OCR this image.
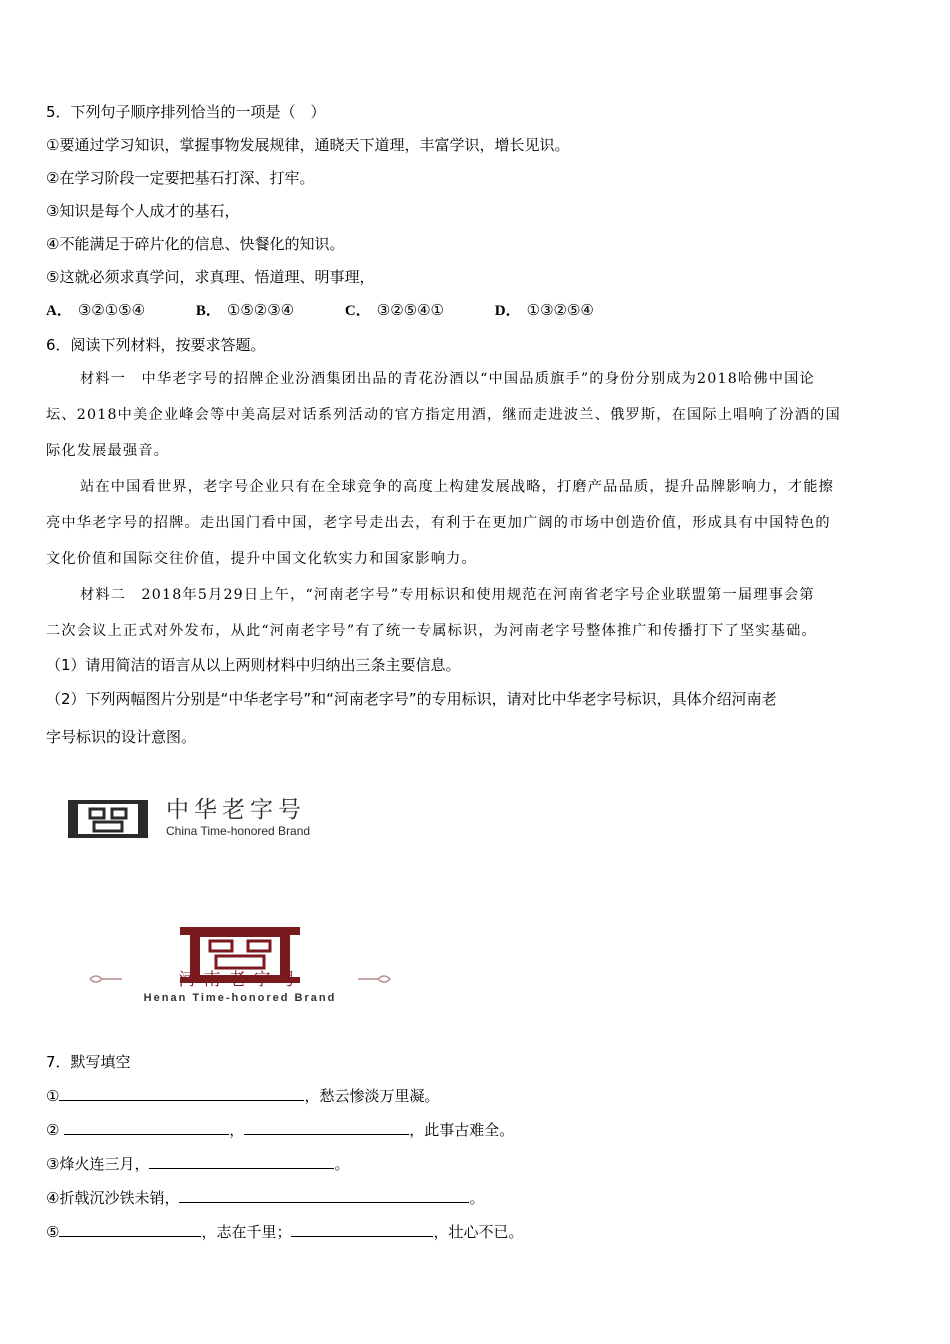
5．下列句子顺序排列恰当的一项是（　）
①要通过学习知识，掌握事物发展规律，通晓天下道理，丰富学识，增长见识。
②在学习阶段一定要把基石打深、打牢。
③知识是每个人成才的基石，
④不能满足于碎片化的信息、快餐化的知识。
⑤这就必须求真学问，求真理、悟道理、明事理，
A． ③②①⑤④	B． ①⑤②③④	C． ③②⑤④①	D． ①③②⑤④
6．阅读下列材料，按要求答题。
材料一　中华老字号的招牌企业汾酒集团出品的青花汾酒以“中国品质旗手”的身份分别成为2018哈佛中国论
坛、2018中美企业峰会等中美高层对话系列活动的官方指定用酒，继而走进波兰、俄罗斯，在国际上唱响了汾酒的国
际化发展最强音。
站在中国看世界，老字号企业只有在全球竞争的高度上构建发展战略，打磨产品品质，提升品牌影响力，才能擦
亮中华老字号的招牌。走出国门看中国，老字号走出去，有利于在更加广阔的市场中创造价值，形成具有中国特色的
文化价值和国际交往价值，提升中国文化软实力和国家影响力。
材料二　2018年5月29日上午，“河南老字号”专用标识和使用规范在河南省老字号企业联盟第一届理事会第
二次会议上正式对外发布，从此“河南老字号”有了统一专属标识，为河南老字号整体推广和传播打下了坚实基础。
（1）请用简洁的语言从以上两则材料中归纳出三条主要信息。
（2）下列两幅图片分别是“中华老字号”和“河南老字号”的专用标识，请对比中华老字号标识，具体介绍河南老
字号标识的设计意图。
中华老字号
China Time-honored Brand
河南老字号
Henan Time-honored Brand
7．默写填空
①	，愁云惨淡万里凝。
②	，	，此事古难全。
③烽火连三月，	。
④折戟沉沙铁未销，	。
⑤	，志在千里；	，壮心不已。
